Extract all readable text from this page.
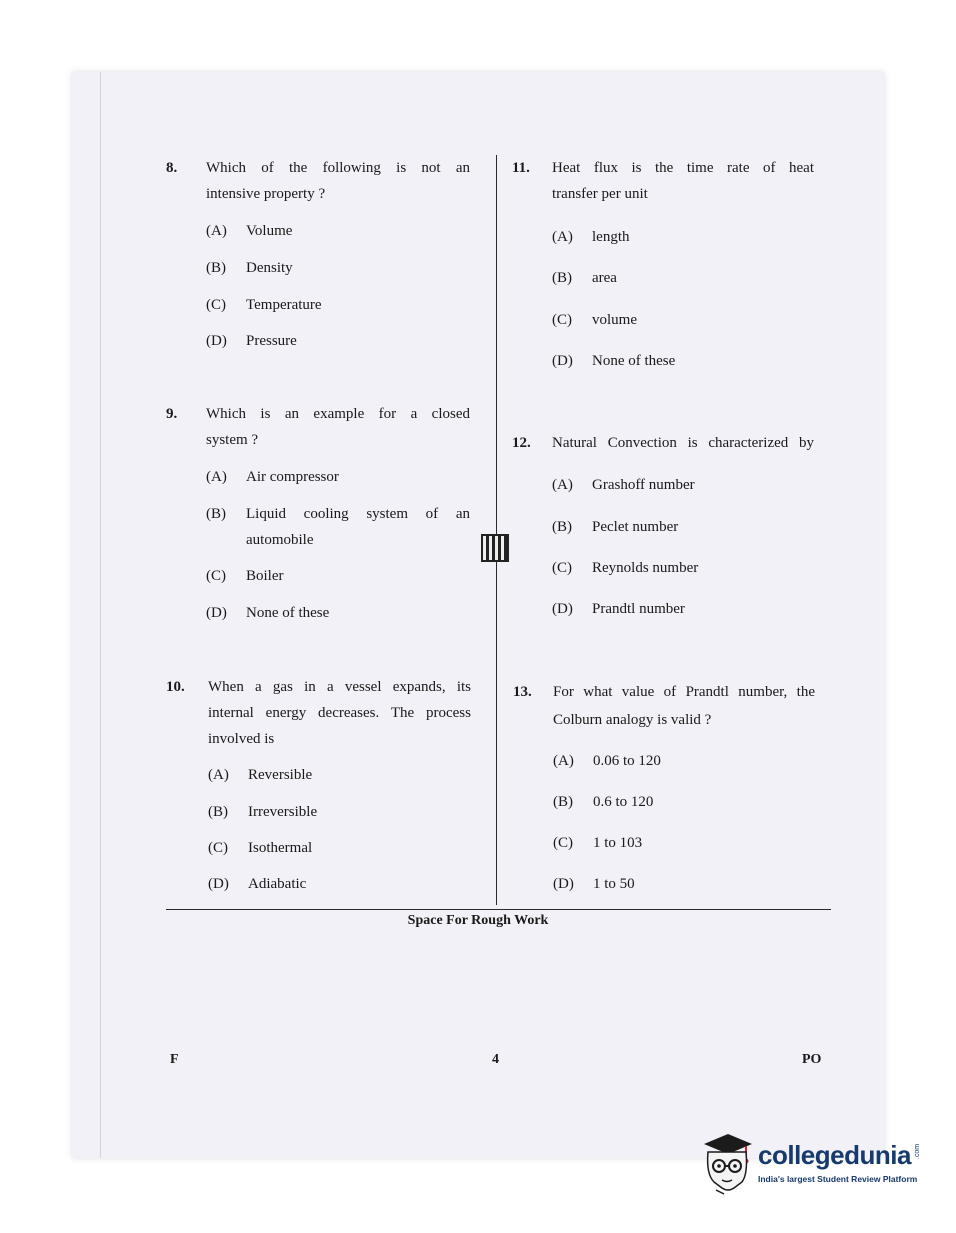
8. Which of the following is not an
intensive property ?
(A) Volume
(B) Density
(C) Temperature
(D) Pressure
9. Which is an example for a closed
system ?
(A) Air compressor
(B)	Liquid cooling system of an automobile
(C) Boiler
(D) None of these
10. When a gas in a vessel expands, its
internal energy decreases. The process
involved is
(A) Reversible
(B) Irreversible
(C) Isothermal
(D) Adiabatic
11. Heat flux is the time rate of heat
transfer per unit
(A) length
(B) area
(C) volume
(D) None of these
12. Natural Convection is characterized by
(A) Grashoff number
(B) Peclet number
(C) Reynolds number
(D) Prandtl number
13. For what value of Prandtl number, the
Colburn analogy is valid ?
(A) 0.06 to 120
(B) 0.6 to 120
(C) 1 to 103
(D) 1 to 50
Space For Rough Work
F	4	PO
collegedunia .com
India's largest Student Review Platform
